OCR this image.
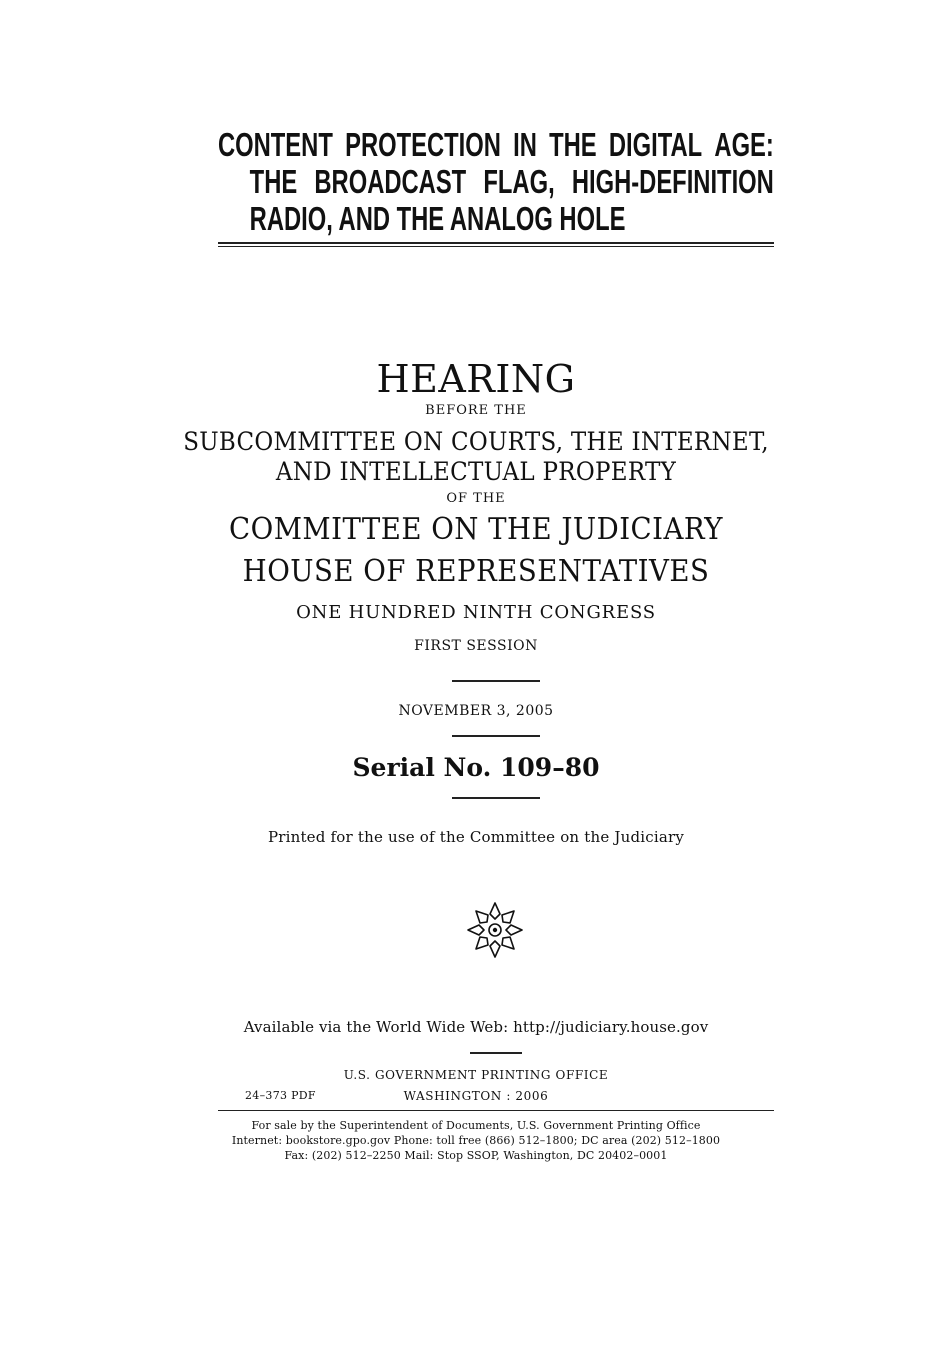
CONTENT PROTECTION IN THE DIGITAL AGE:
THE BROADCAST FLAG, HIGH-DEFINITION
RADIO, AND THE ANALOG HOLE
HEARING
BEFORE THE
SUBCOMMITTEE ON COURTS, THE INTERNET,
AND INTELLECTUAL PROPERTY
OF THE
COMMITTEE ON THE JUDICIARY
HOUSE OF REPRESENTATIVES
ONE HUNDRED NINTH CONGRESS
FIRST SESSION
NOVEMBER 3, 2005
Serial No. 109–80
Printed for the use of the Committee on the Judiciary
Available via the World Wide Web: http://judiciary.house.gov
U.S. GOVERNMENT PRINTING OFFICE
24–373 PDF	WASHINGTON : 2006
For sale by the Superintendent of Documents, U.S. Government Printing Office
Internet: bookstore.gpo.gov Phone: toll free (866) 512–1800; DC area (202) 512–1800
Fax: (202) 512–2250 Mail: Stop SSOP, Washington, DC 20402–0001
